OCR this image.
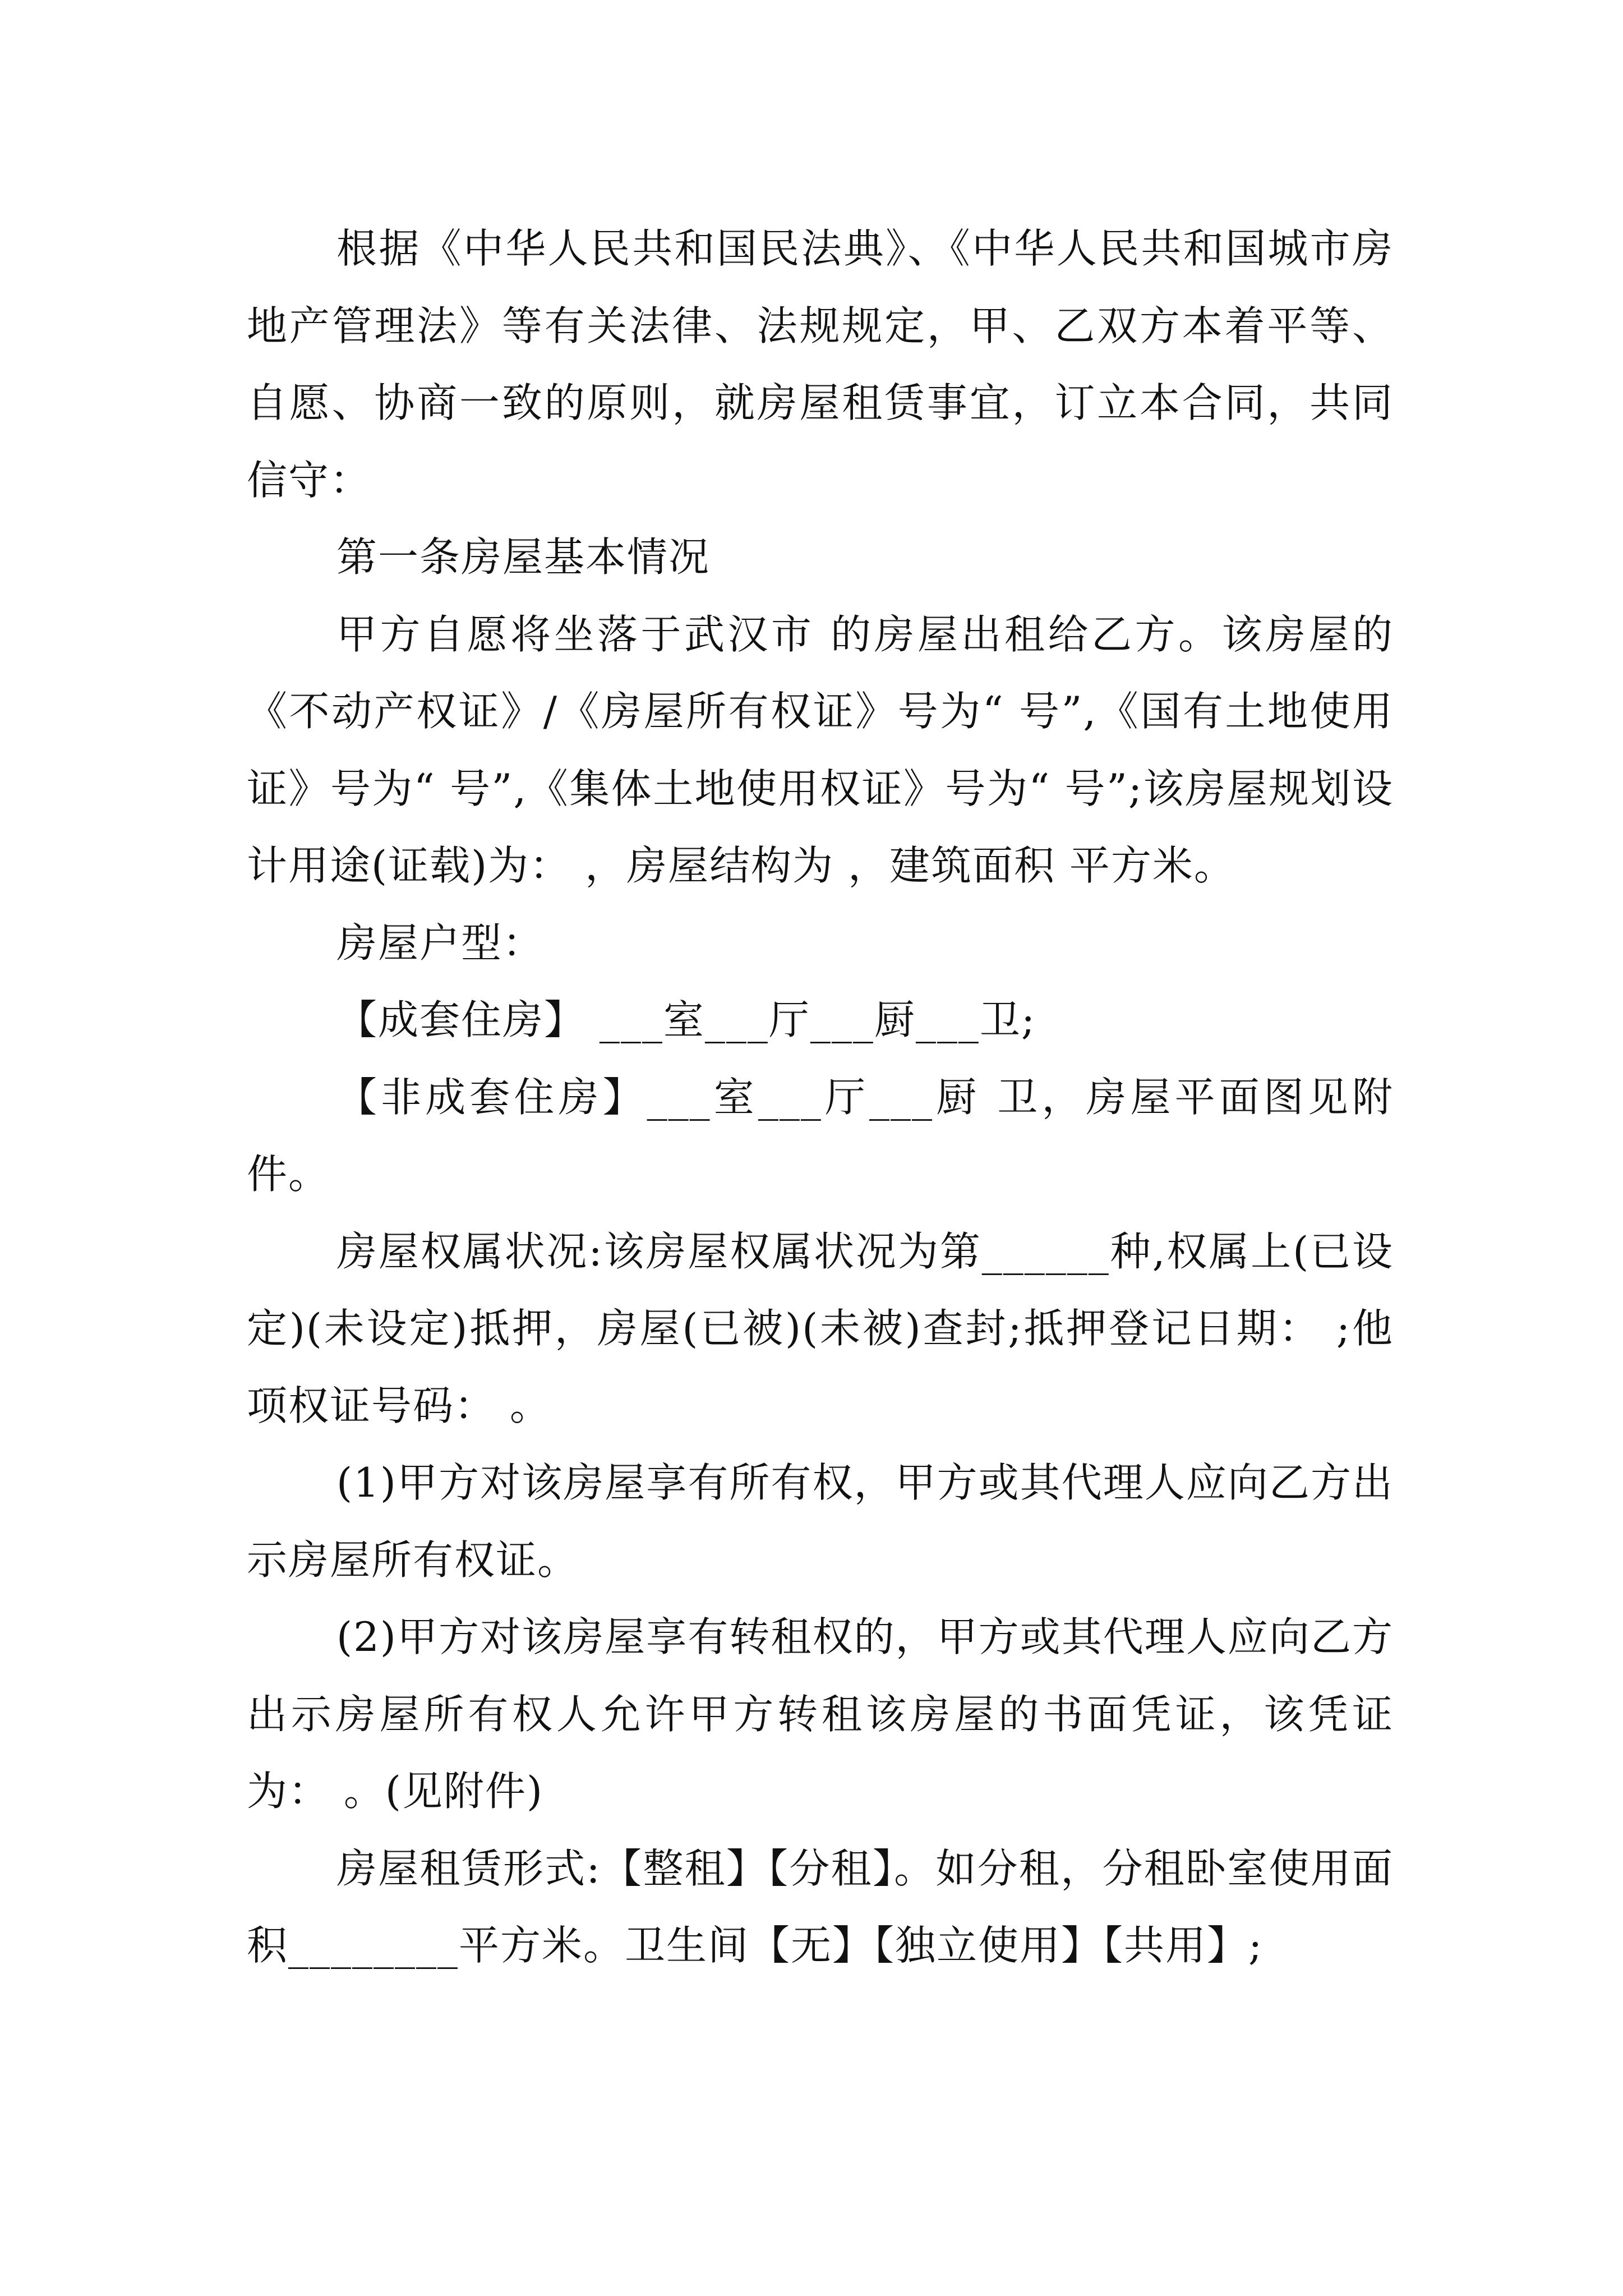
根据《中华人民共和国民法典》、《中华人民共和国城市房地产管理法》等有关法律、法规规定，甲、乙双方本着平等、自愿、协商一致的原则，就房屋租赁事宜，订立本合同，共同信守：

第一条房屋基本情况

甲方自愿将坐落于武汉市 的房屋出租给乙方。该房屋的《不动产权证》/《房屋所有权证》号为“ 号”,《国有土地使用证》号为“ 号”,《集体土地使用权证》号为“ 号”;该房屋规划设计用途(证载)为： ，房屋结构为 ，建筑面积 平方米。

房屋户型：

【成套住房】 ___室___厅___厨___卫;

【非成套住房】___室___厅___厨 卫，房屋平面图见附件。

房屋权属状况:该房屋权属状况为第______种,权属上(已设定)(未设定)抵押，房屋(已被)(未被)查封;抵押登记日期： ;他项权证号码： 。

(1)甲方对该房屋享有所有权，甲方或其代理人应向乙方出示房屋所有权证。

(2)甲方对该房屋享有转租权的，甲方或其代理人应向乙方出示房屋所有权人允许甲方转租该房屋的书面凭证，该凭证为： 。(见附件)

房屋租赁形式:【整租】【分租】。如分租，分租卧室使用面积________平方米。卫生间【无】【独立使用】【共用】;
